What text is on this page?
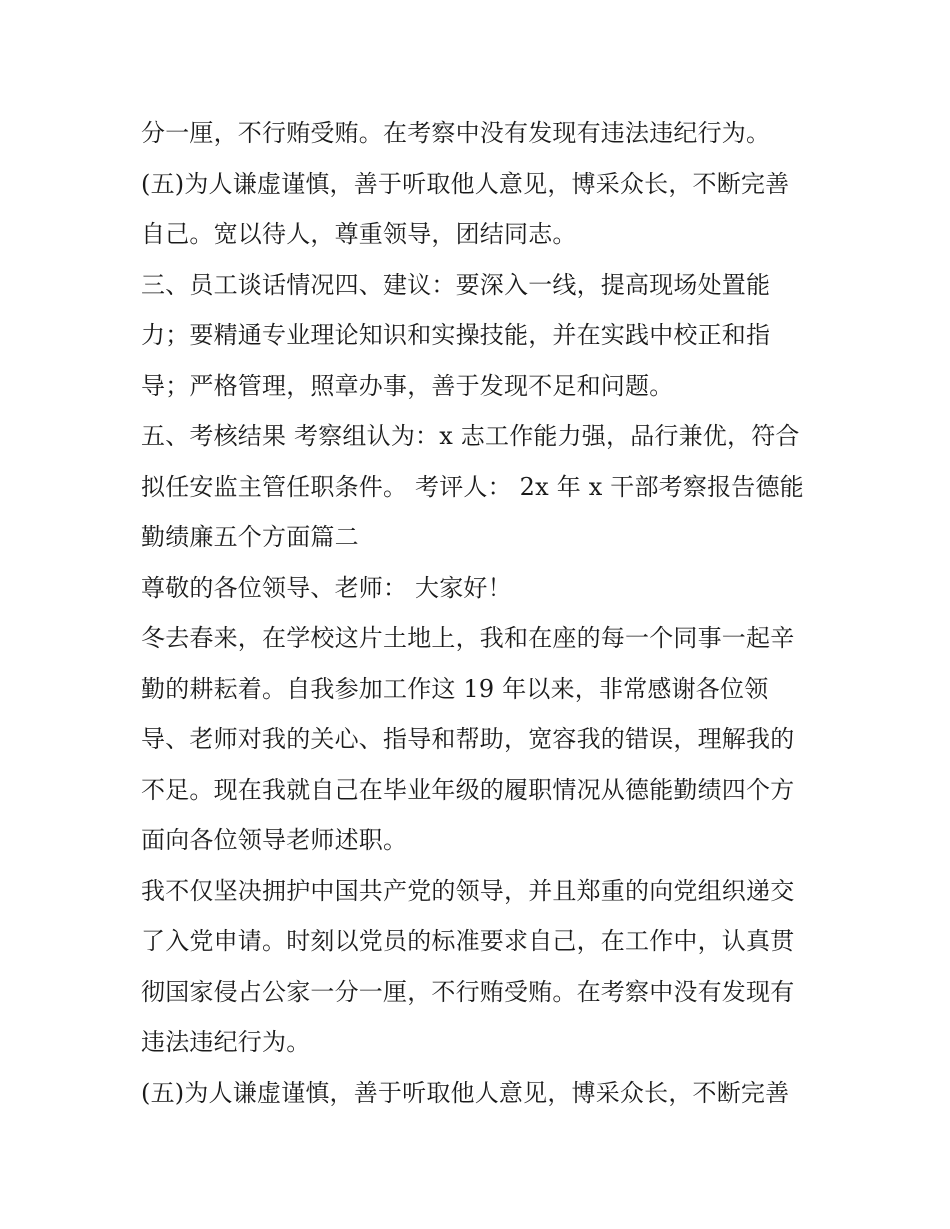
分一厘，不行贿受贿。在考察中没有发现有违法违纪行为。
(五)为人谦虚谨慎，善于听取他人意见，博采众长，不断完善
自己。宽以待人，尊重领导，团结同志。
三、员工谈话情况四、建议：要深入一线，提高现场处置能
力；要精通专业理论知识和实操技能，并在实践中校正和指
导；严格管理，照章办事，善于发现不足和问题。
五、考核结果 考察组认为：x 志工作能力强，品行兼优，符合
拟任安监主管任职条件。 考评人： 2x 年 x 干部考察报告德能
勤绩廉五个方面篇二
尊敬的各位领导、老师： 大家好！
冬去春来，在学校这片土地上，我和在座的每一个同事一起辛
勤的耕耘着。自我参加工作这 19 年以来，非常感谢各位领
导、老师对我的关心、指导和帮助，宽容我的错误，理解我的
不足。现在我就自己在毕业年级的履职情况从德能勤绩四个方
面向各位领导老师述职。
我不仅坚决拥护中国共产党的领导，并且郑重的向党组织递交
了入党申请。时刻以党员的标准要求自己，在工作中，认真贯
彻国家侵占公家一分一厘，不行贿受贿。在考察中没有发现有
违法违纪行为。
(五)为人谦虚谨慎，善于听取他人意见，博采众长，不断完善
